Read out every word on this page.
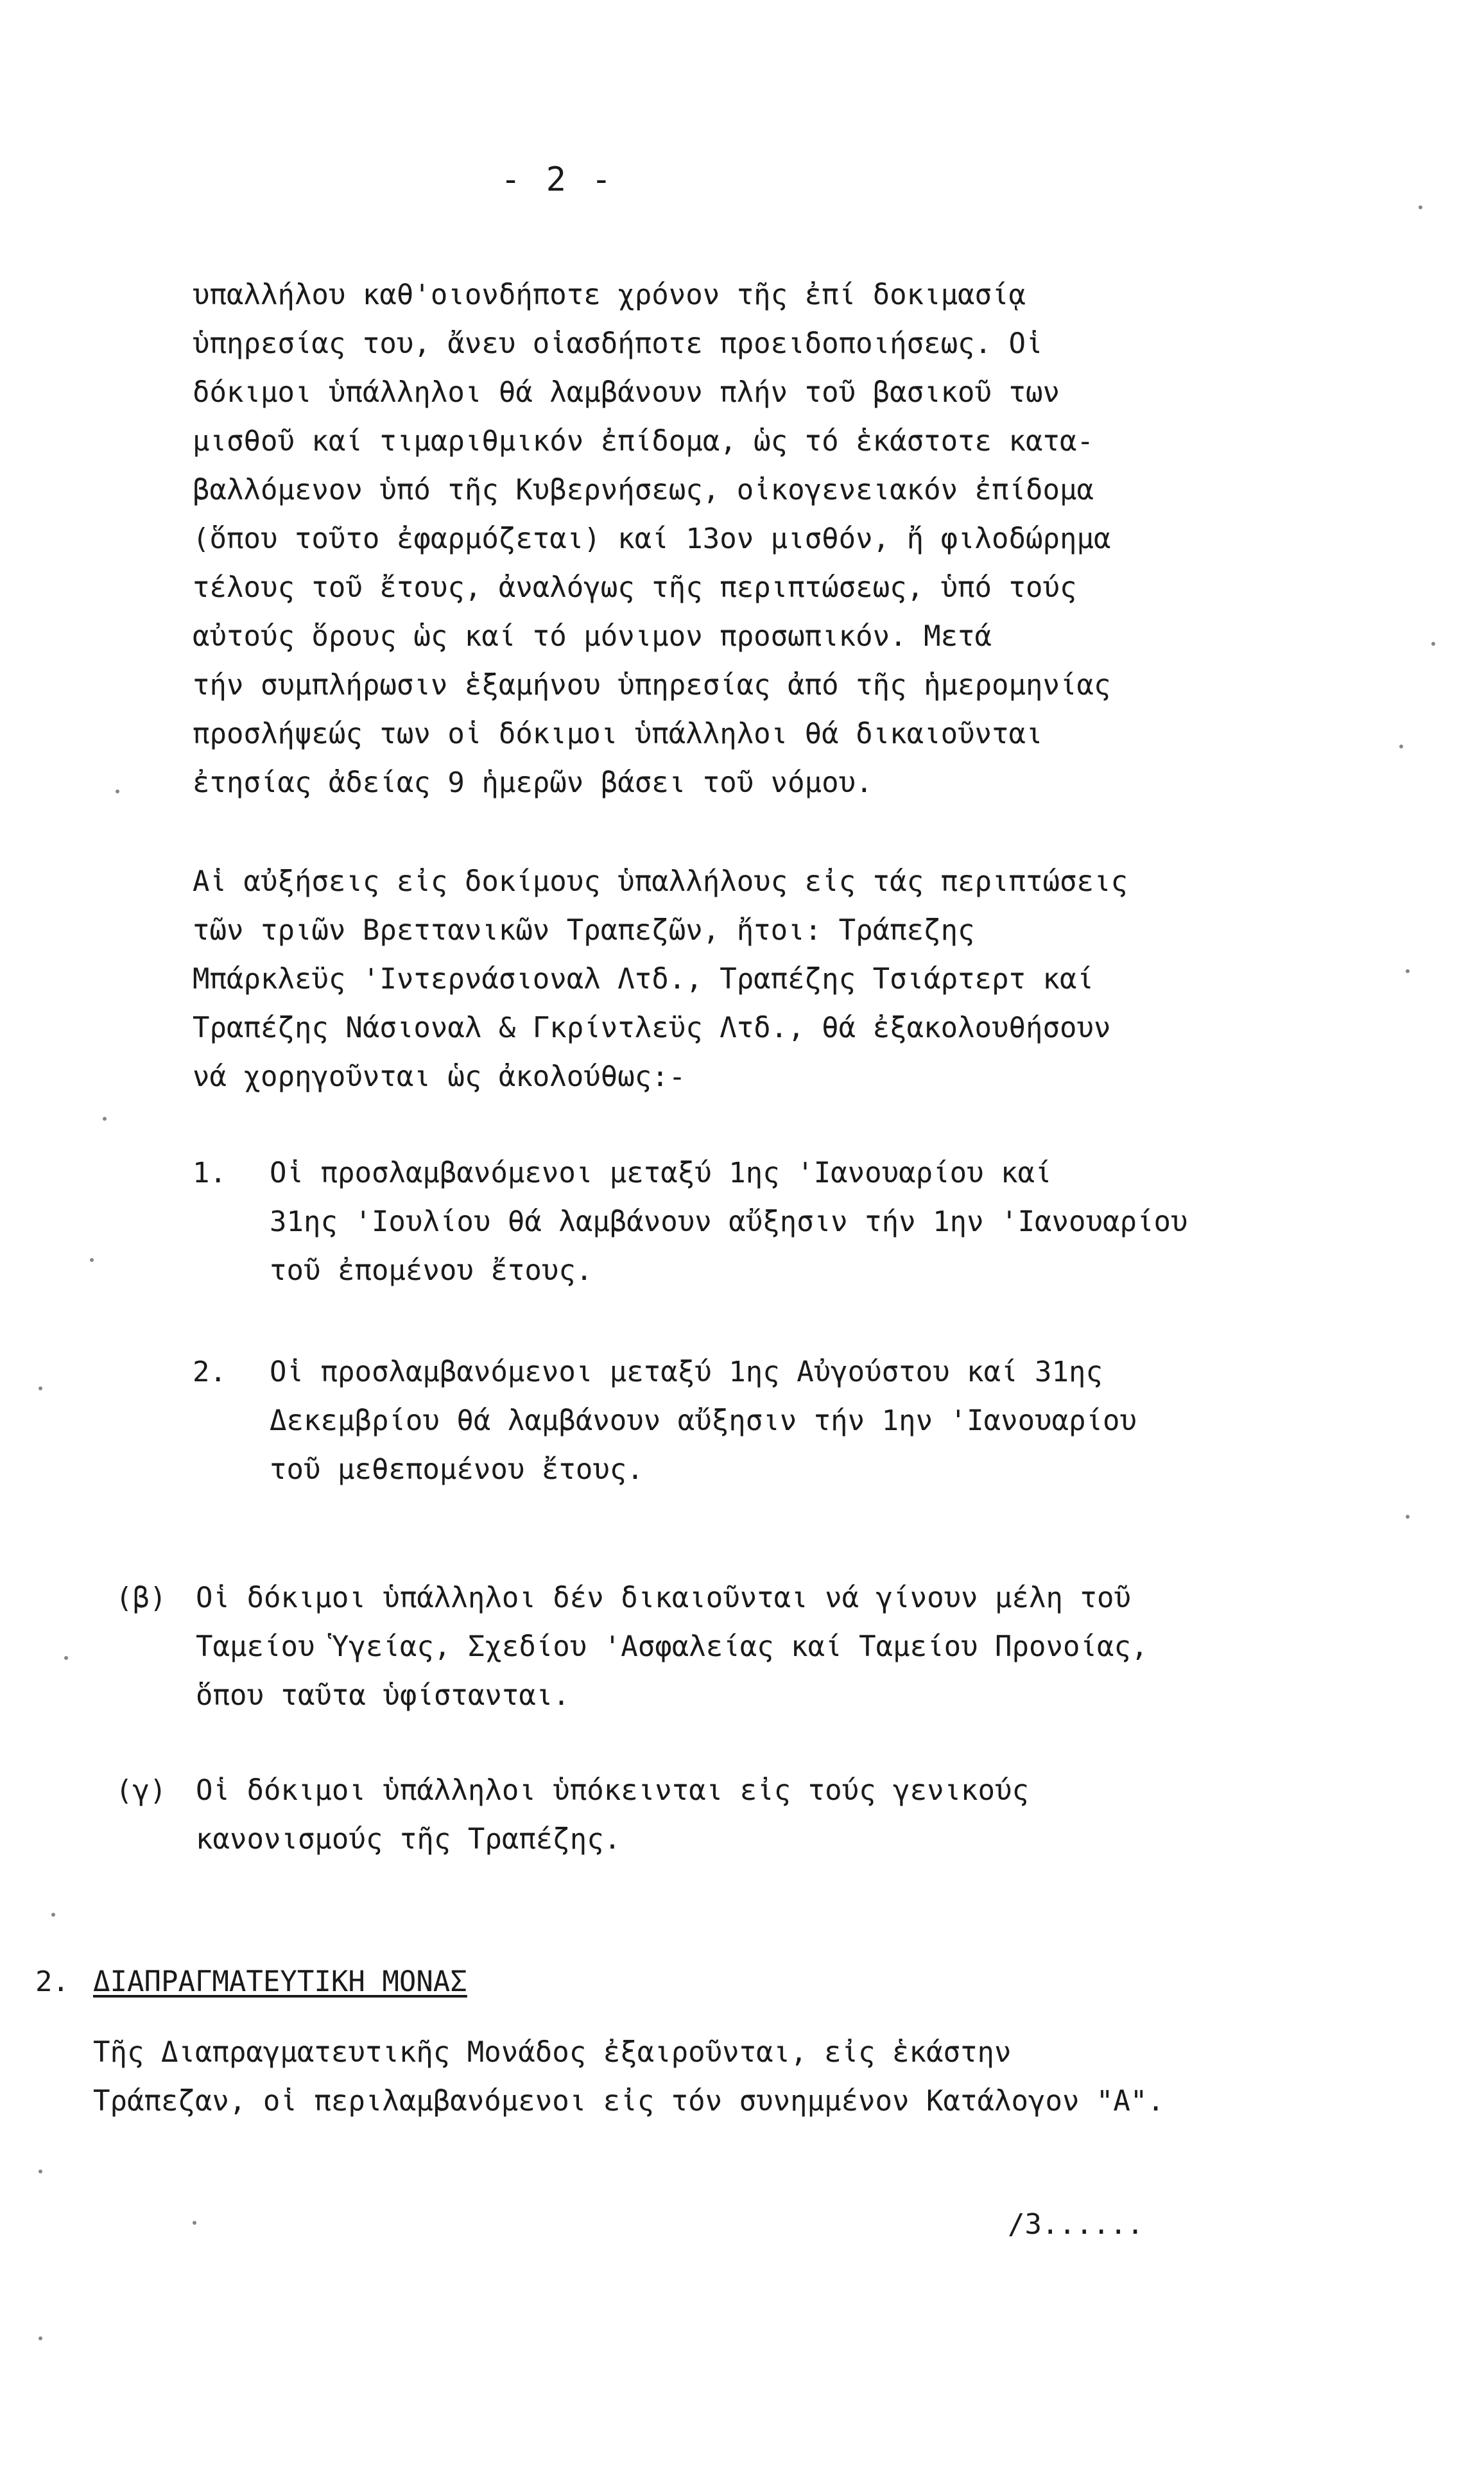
- 2 -
υπαλλήλου καθ'οιονδήποτε χρόνον τῆς ἐπί δοκιμασίᾳ
ὑπηρεσίας του, ἄνευ οἱασδήποτε προειδοποιήσεως. Οἱ
δόκιμοι ὑπάλληλοι θά λαμβάνουν πλήν τοῦ βασικοῦ των
μισθοῦ καί τιμαριθμικόν ἐπίδομα, ὡς τό ἑκάστοτε κατα-
βαλλόμενον ὑπό τῆς Κυβερνήσεως, οἰκογενειακόν ἐπίδομα
(ὅπου τοῦτο ἐφαρμόζεται) καί 13ον μισθόν, ἤ φιλοδώρημα
τέλους τοῦ ἔτους, ἀναλόγως τῆς περιπτώσεως, ὑπό τούς
αὐτούς ὅρους ὡς καί τό μόνιμον προσωπικόν. Μετά
τήν συμπλήρωσιν ἑξαμήνου ὑπηρεσίας ἀπό τῆς ἡμερομηνίας
προσλήψεώς των οἱ δόκιμοι ὑπάλληλοι θά δικαιοῦνται
ἐτησίας ἀδείας 9 ἡμερῶν βάσει τοῦ νόμου.
Αἱ αὐξήσεις εἰς δοκίμους ὑπαλλήλους εἰς τάς περιπτώσεις
τῶν τριῶν Βρεττανικῶν Τραπεζῶν, ἤτοι: Τράπεζης
Μπάρκλεϋς 'Ιντερνάσιοναλ Λτδ., Τραπέζης Τσιάρτερτ καί
Τραπέζης Νάσιοναλ & Γκρίντλεϋς Λτδ., θά ἐξακολουθήσουν
νά χορηγοῦνται ὡς ἀκολούθως:-
1. Οἱ προσλαμβανόμενοι μεταξύ 1ης 'Ιανουαρίου καί
31ης 'Ιουλίου θά λαμβάνουν αὔξησιν τήν 1ην 'Ιανουαρίου
τοῦ ἐπομένου ἔτους.
2. Οἱ προσλαμβανόμενοι μεταξύ 1ης Αὐγούστου καί 31ης
Δεκεμβρίου θά λαμβάνουν αὔξησιν τήν 1ην 'Ιανουαρίου
τοῦ μεθεπομένου ἔτους.
(β) Οἱ δόκιμοι ὑπάλληλοι δέν δικαιοῦνται νά γίνουν μέλη τοῦ
Ταμείου Ὑγείας, Σχεδίου 'Ασφαλείας καί Ταμείου Προνοίας,
ὅπου ταῦτα ὑφίστανται.
(γ) Οἱ δόκιμοι ὑπάλληλοι ὑπόκεινται εἰς τούς γενικούς
κανονισμούς τῆς Τραπέζης.
2. ΔΙΑΠΡΑΓΜΑΤΕΥΤΙΚΗ ΜΟΝΑΣ
Τῆς Διαπραγματευτικῆς Μονάδος ἐξαιροῦνται, εἰς ἑκάστην
Τράπεζαν, οἱ περιλαμβανόμενοι εἰς τόν συνημμένον Κατάλογον "Α".
/3......
